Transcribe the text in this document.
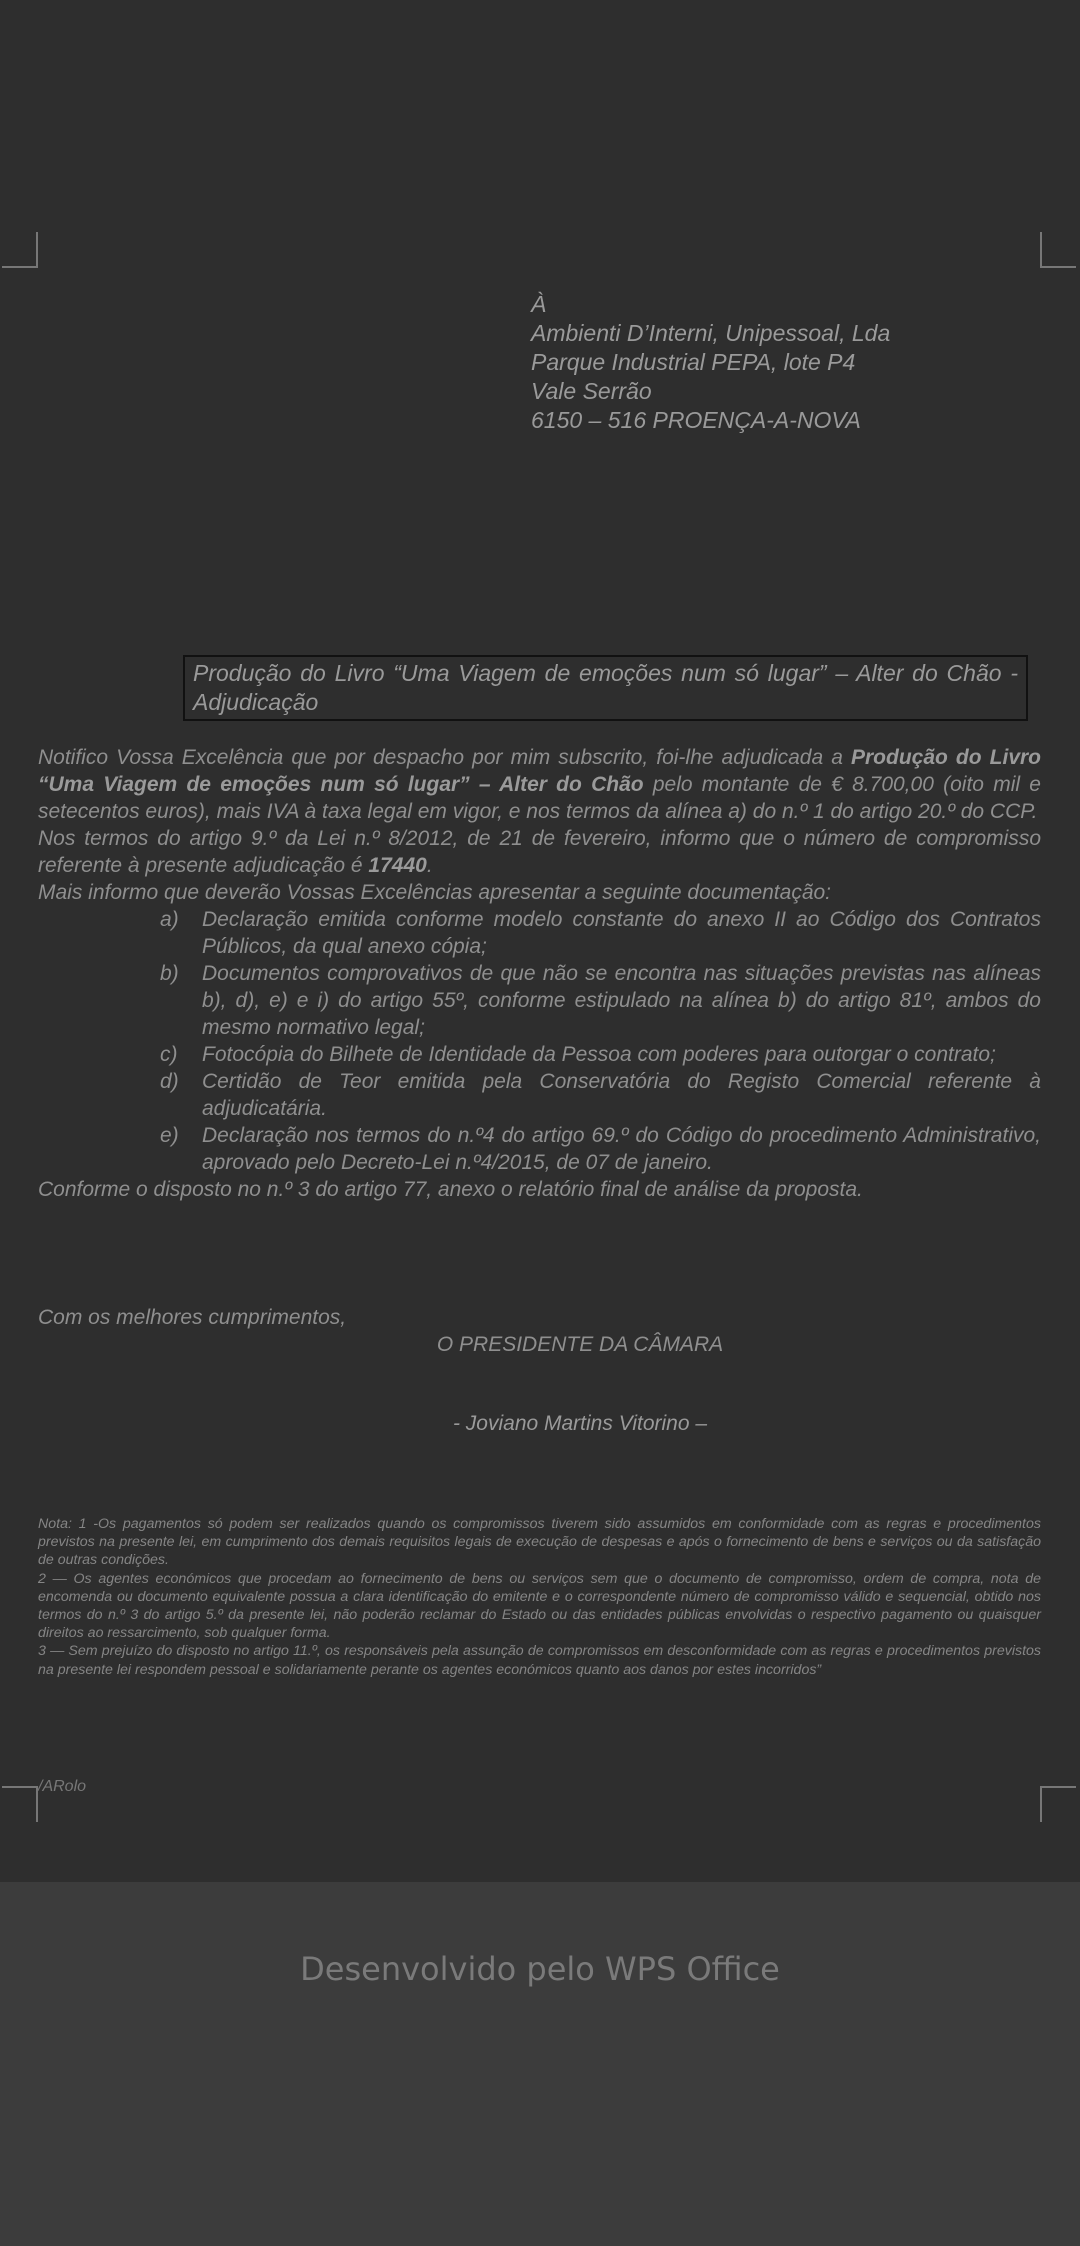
À
Ambienti D’Interni, Unipessoal, Lda
Parque Industrial PEPA, lote P4
Vale Serrão
6150 – 516 PROENÇA-A-NOVA
Produção do Livro “Uma Viagem de emoções num só lugar” – Alter do Chão - Adjudicação

Notifico Vossa Excelência que por despacho por mim subscrito, foi-lhe adjudicada a Produção do Livro “Uma Viagem de emoções num só lugar” – Alter do Chão pelo montante de € 8.700,00 (oito mil e setecentos euros), mais IVA à taxa legal em vigor, e nos termos da alínea a) do n.º 1 do artigo 20.º do CCP.

Nos termos do artigo 9.º da Lei n.º 8/2012, de 21 de fevereiro, informo que o número de compromisso referente à presente adjudicação é 17440.

Mais informo que deverão Vossas Excelências apresentar a seguinte documentação:

a) Declaração emitida conforme modelo constante do anexo II ao Código dos Contratos Públicos, da qual anexo cópia;
b) Documentos comprovativos de que não se encontra nas situações previstas nas alíneas b), d), e) e i) do artigo 55º, conforme estipulado na alínea b) do artigo 81º, ambos do mesmo normativo legal;
c) Fotocópia do Bilhete de Identidade da Pessoa com poderes para outorgar o contrato;
d) Certidão de Teor emitida pela Conservatória do Registo Comercial referente à adjudicatária.
e) Declaração nos termos do n.º4 do artigo 69.º do Código do procedimento Administrativo, aprovado pelo Decreto-Lei n.º4/2015, de 07 de janeiro.

Conforme o disposto no n.º 3 do artigo 77, anexo o relatório final de análise da proposta.

Com os melhores cumprimentos,
O PRESIDENTE DA CÂMARA
- Joviano Martins Vitorino –

Nota: 1 -Os pagamentos só podem ser realizados quando os compromissos tiverem sido assumidos em conformidade com as regras e procedimentos previstos na presente lei, em cumprimento dos demais requisitos legais de execução de despesas e após o fornecimento de bens e serviços ou da satisfação de outras condições.

2 — Os agentes económicos que procedam ao fornecimento de bens ou serviços sem que o documento de compromisso, ordem de compra, nota de encomenda ou documento equivalente possua a clara identificação do emitente e o correspondente número de compromisso válido e sequencial, obtido nos termos do n.º 3 do artigo 5.º da presente lei, não poderão reclamar do Estado ou das entidades públicas envolvidas o respectivo pagamento ou quaisquer direitos ao ressarcimento, sob qualquer forma.

3 — Sem prejuízo do disposto no artigo 11.º, os responsáveis pela assunção de compromissos em desconformidade com as regras e procedimentos previstos na presente lei respondem pessoal e solidariamente perante os agentes económicos quanto aos danos por estes incorridos”

/ARolo
Desenvolvido pelo WPS Office
